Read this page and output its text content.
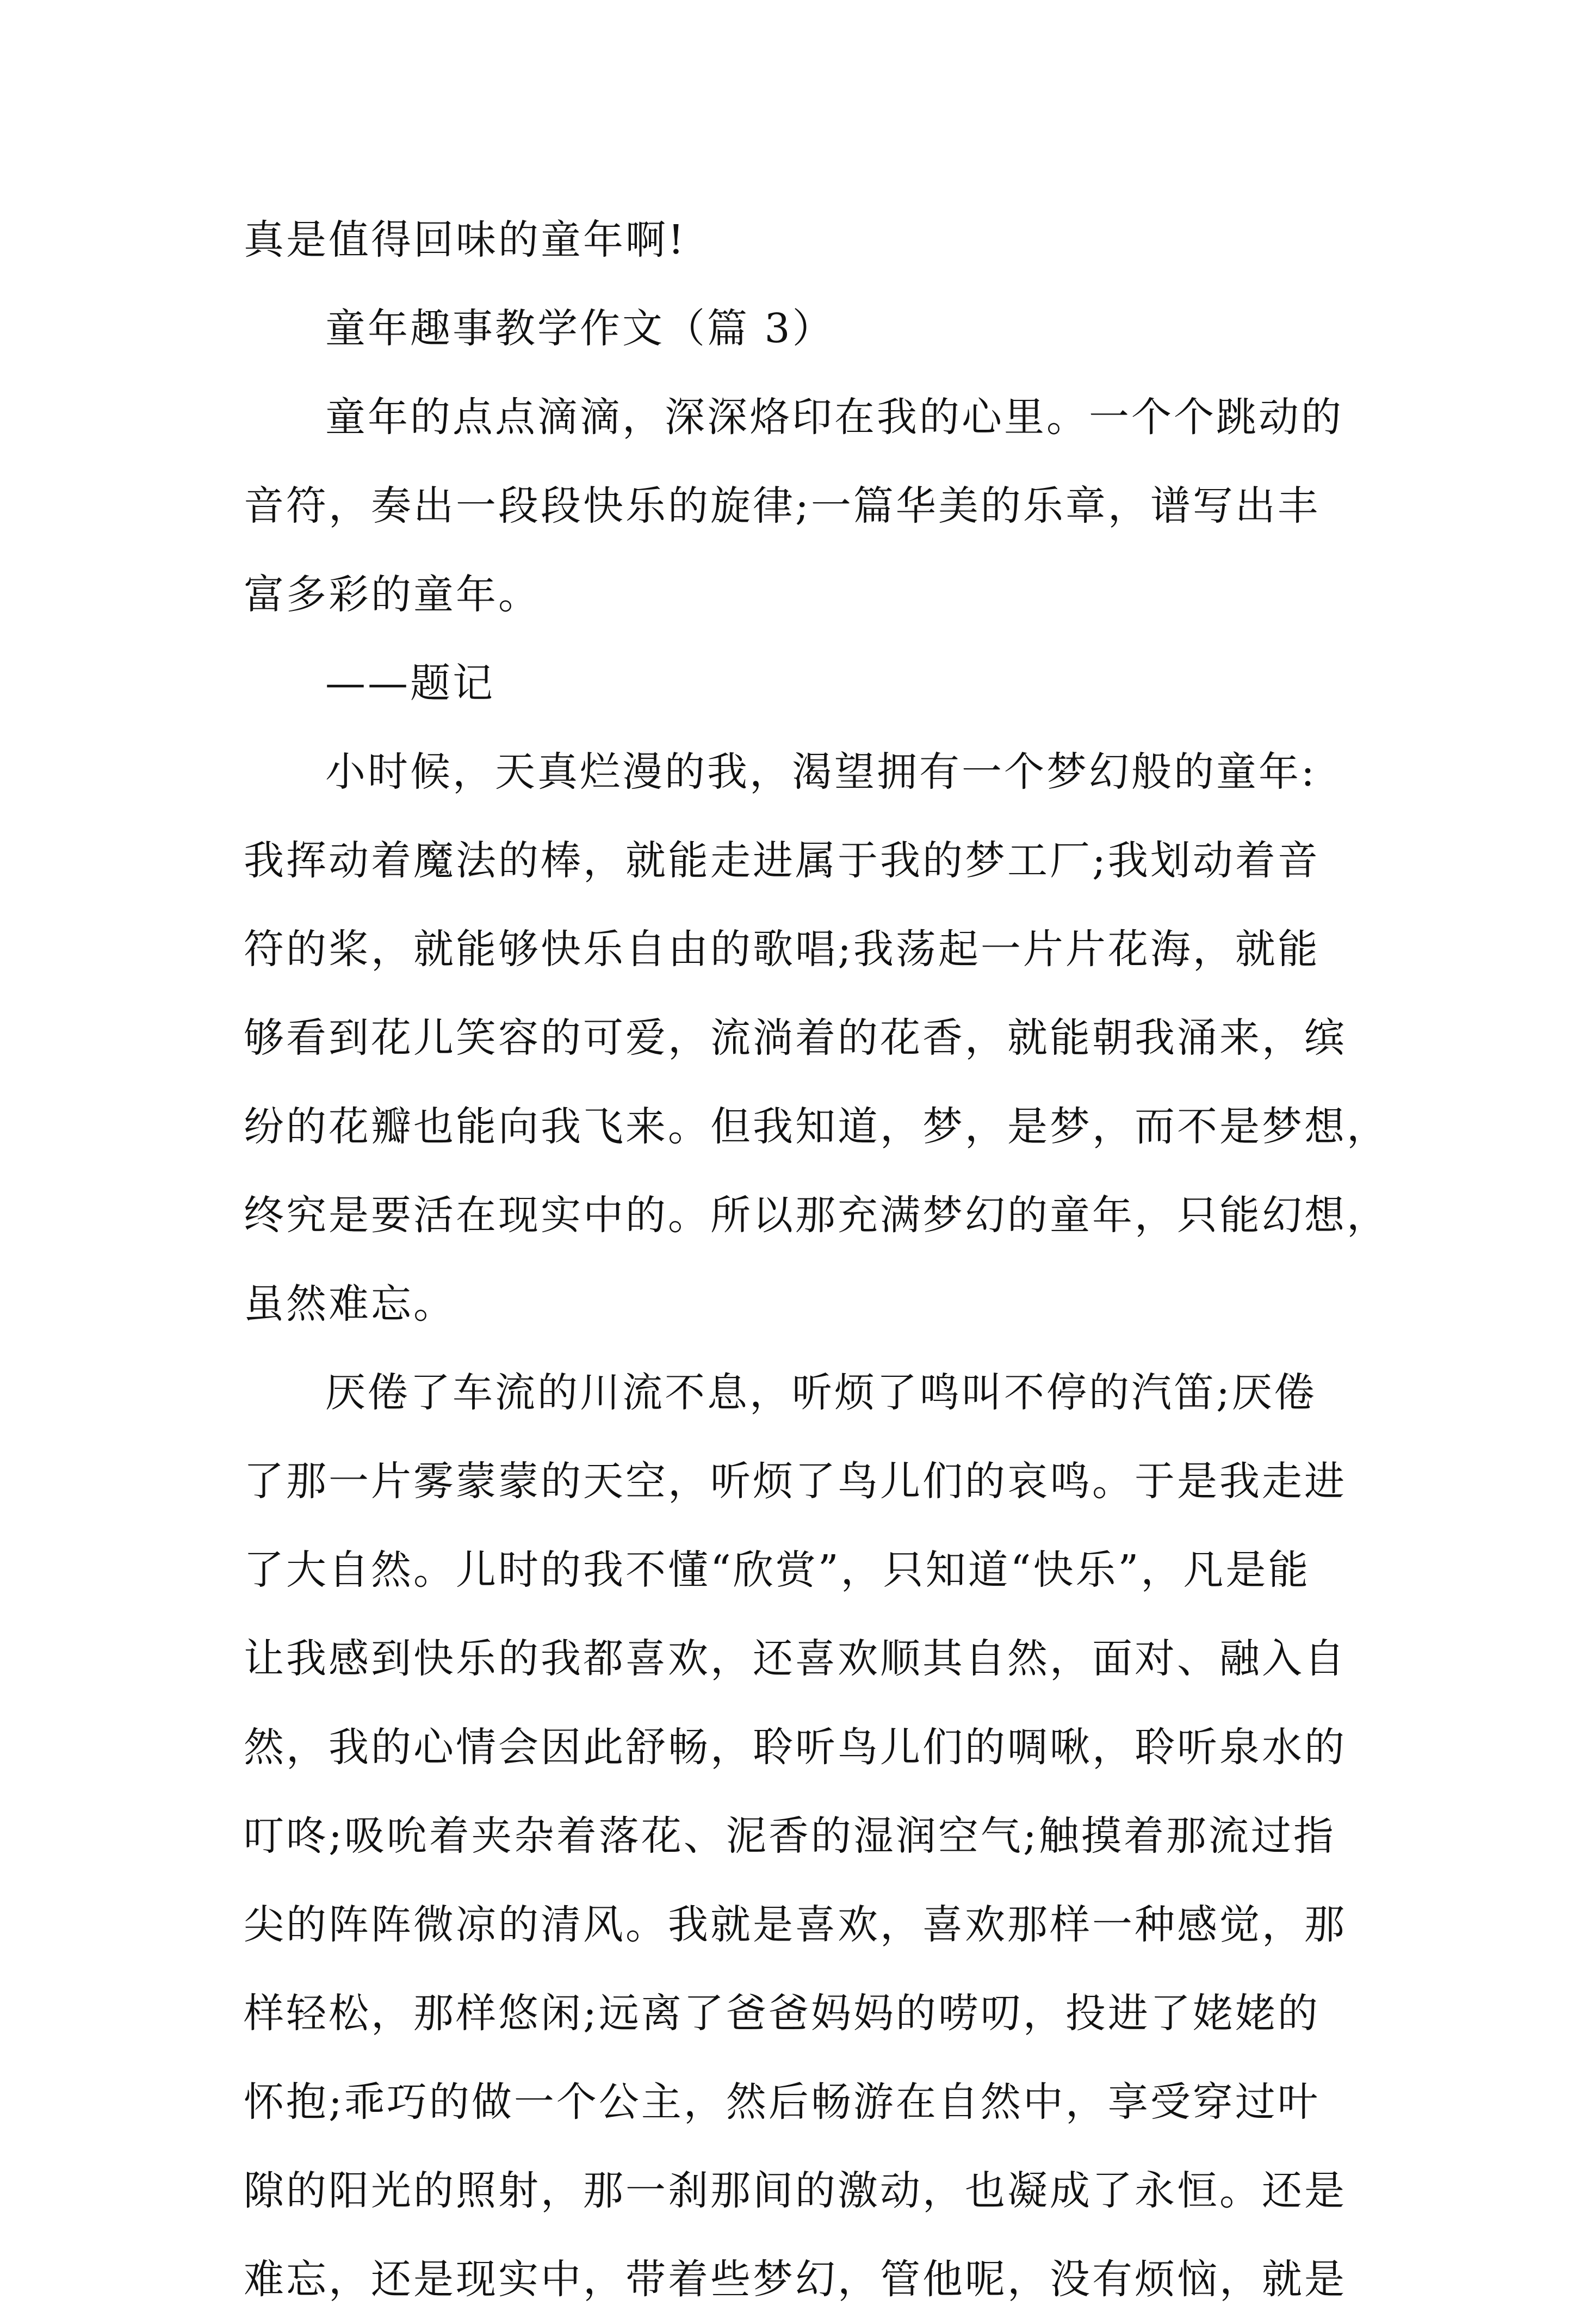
真是值得回味的童年啊!
童年趣事教学作文（篇 3）
童年的点点滴滴，深深烙印在我的心里。一个个跳动的
音符，奏出一段段快乐的旋律;一篇华美的乐章，谱写出丰
富多彩的童年。
——题记
小时候，天真烂漫的我，渴望拥有一个梦幻般的童年:
我挥动着魔法的棒，就能走进属于我的梦工厂;我划动着音
符的桨，就能够快乐自由的歌唱;我荡起一片片花海，就能
够看到花儿笑容的可爱，流淌着的花香，就能朝我涌来，缤
纷的花瓣也能向我飞来。但我知道，梦，是梦，而不是梦想，
终究是要活在现实中的。所以那充满梦幻的童年，只能幻想，
虽然难忘。
厌倦了车流的川流不息，听烦了鸣叫不停的汽笛;厌倦
了那一片雾蒙蒙的天空，听烦了鸟儿们的哀鸣。于是我走进
了大自然。儿时的我不懂“欣赏”，只知道“快乐”，凡是能
让我感到快乐的我都喜欢，还喜欢顺其自然，面对、融入自
然，我的心情会因此舒畅，聆听鸟儿们的啁啾，聆听泉水的
叮咚;吸吮着夹杂着落花、泥香的湿润空气;触摸着那流过指
尖的阵阵微凉的清风。我就是喜欢，喜欢那样一种感觉，那
样轻松，那样悠闲;远离了爸爸妈妈的唠叨，投进了姥姥的
怀抱;乖巧的做一个公主，然后畅游在自然中，享受穿过叶
隙的阳光的照射，那一刹那间的激动，也凝成了永恒。还是
难忘，还是现实中，带着些梦幻，管他呢，没有烦恼，就是
